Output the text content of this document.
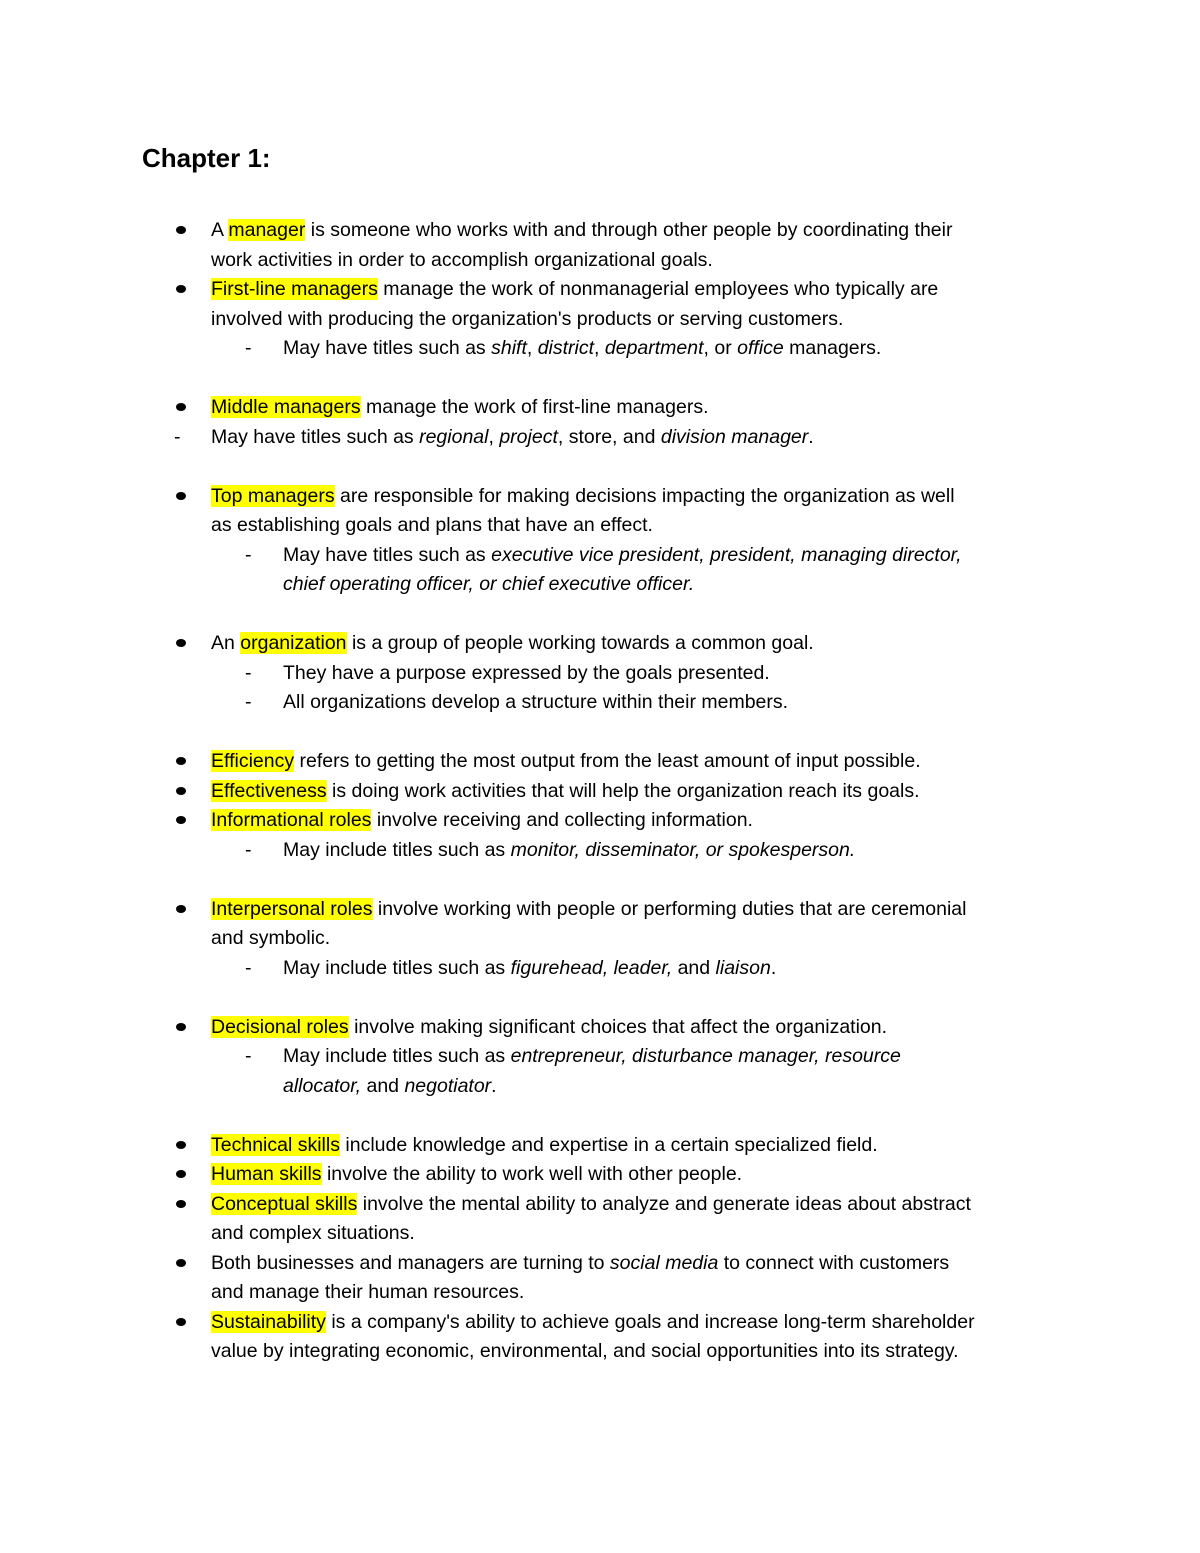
Chapter 1:
A manager is someone who works with and through other people by coordinating their
work activities in order to accomplish organizational goals.
First-line managers manage the work of nonmanagerial employees who typically are
involved with producing the organization's products or serving customers.
- May have titles such as shift, district, department, or office managers.
Middle managers manage the work of first-line managers.
- May have titles such as regional, project, store, and division manager.
Top managers are responsible for making decisions impacting the organization as well
as establishing goals and plans that have an effect.
- May have titles such as executive vice president, president, managing director,
chief operating officer, or chief executive officer.
An organization is a group of people working towards a common goal.
- They have a purpose expressed by the goals presented.
- All organizations develop a structure within their members.
Efficiency refers to getting the most output from the least amount of input possible.
Effectiveness is doing work activities that will help the organization reach its goals.
Informational roles involve receiving and collecting information.
- May include titles such as monitor, disseminator, or spokesperson.
Interpersonal roles involve working with people or performing duties that are ceremonial
and symbolic.
- May include titles such as figurehead, leader, and liaison.
Decisional roles involve making significant choices that affect the organization.
- May include titles such as entrepreneur, disturbance manager, resource
allocator, and negotiator.
Technical skills include knowledge and expertise in a certain specialized field.
Human skills involve the ability to work well with other people.
Conceptual skills involve the mental ability to analyze and generate ideas about abstract
and complex situations.
Both businesses and managers are turning to social media to connect with customers
and manage their human resources.
Sustainability is a company's ability to achieve goals and increase long-term shareholder
value by integrating economic, environmental, and social opportunities into its strategy.
